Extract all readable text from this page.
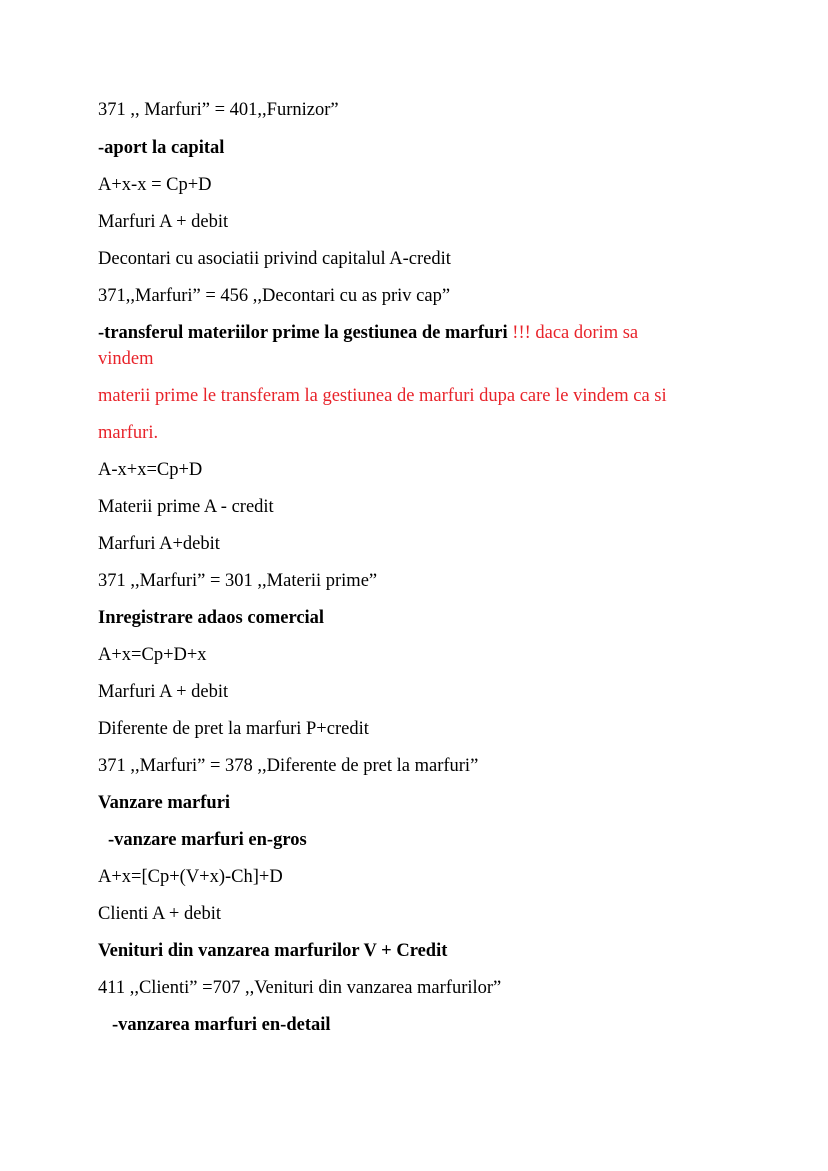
371 ,, Marfuri” = 401,,Furnizor”
-aport la capital
A+x-x = Cp+D
Marfuri A + debit
Decontari cu asociatii privind capitalul A-credit
371,,Marfuri” = 456 ,,Decontari cu as priv cap”
-transferul materiilor prime la gestiunea de marfuri !!! daca dorim sa
vindem
materii prime le transferam la gestiunea de marfuri dupa care le vindem ca si
marfuri.
A-x+x=Cp+D
Materii prime A - credit
Marfuri A+debit
371 ,,Marfuri” = 301 ,,Materii prime”
Inregistrare adaos comercial
A+x=Cp+D+x
Marfuri A + debit
Diferente de pret la marfuri P+credit
371 ,,Marfuri” = 378 ,,Diferente de pret la marfuri”
Vanzare marfuri
-vanzare marfuri en-gros
A+x=[Cp+(V+x)-Ch]+D
Clienti A + debit
Venituri din vanzarea marfurilor V + Credit
411 ,,Clienti” =707 ,,Venituri din vanzarea marfurilor”
-vanzarea marfuri en-detail
